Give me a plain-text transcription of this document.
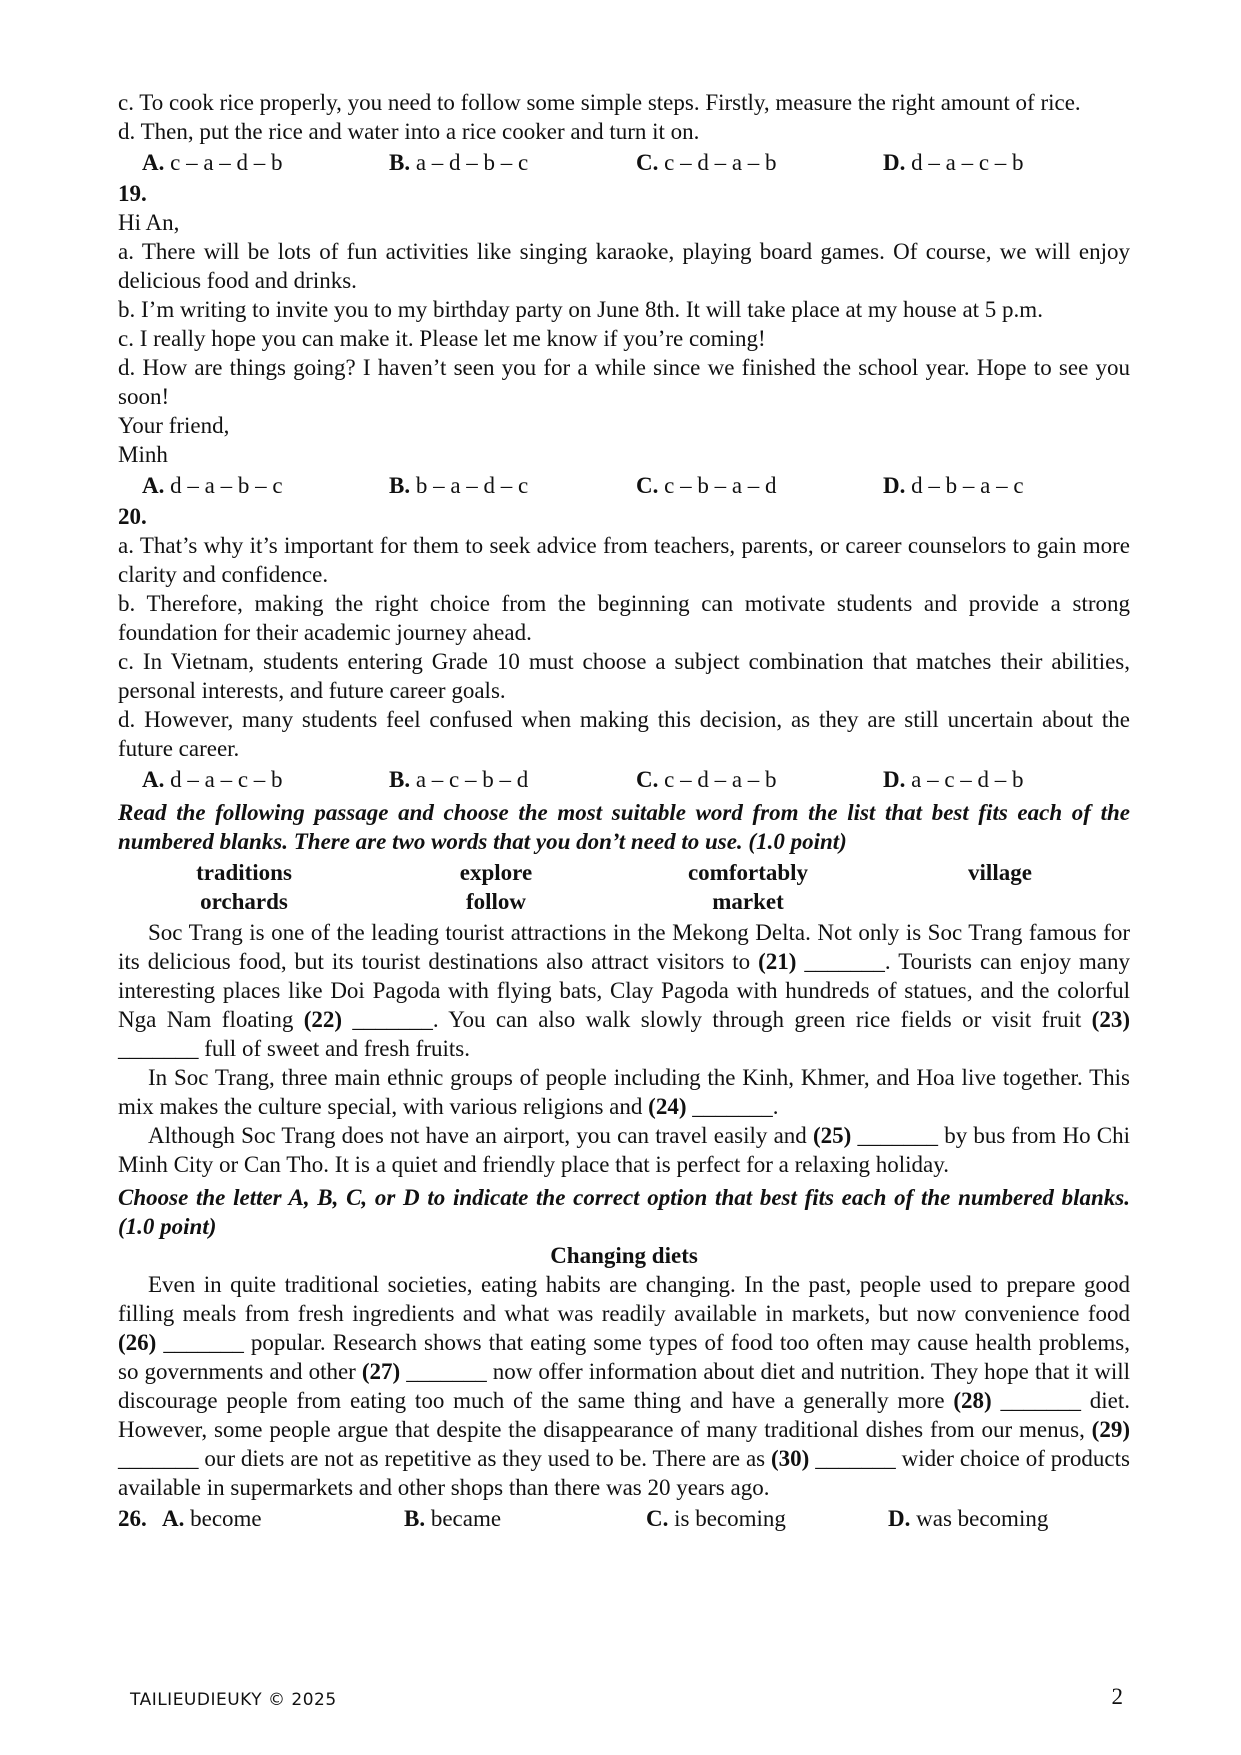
c. To cook rice properly, you need to follow some simple steps. Firstly, measure the right amount of rice.

d. Then, put the rice and water into a rice cooker and turn it on.

A. c – a – d – b	B. a – d – b – c	C. c – d – a – b	D. d – a – c – b

19.

Hi An,

a. There will be lots of fun activities like singing karaoke, playing board games. Of course, we will enjoy delicious food and drinks.

b. I’m writing to invite you to my birthday party on June 8th. It will take place at my house at 5 p.m.

c. I really hope you can make it. Please let me know if you’re coming!

d. How are things going? I haven’t seen you for a while since we finished the school year. Hope to see you soon!

Your friend,

Minh

A. d – a – b – c	B. b – a – d – c	C. c – b – a – d	D. d – b – a – c

20.

a. That’s why it’s important for them to seek advice from teachers, parents, or career counselors to gain more clarity and confidence.

b. Therefore, making the right choice from the beginning can motivate students and provide a strong foundation for their academic journey ahead.

c. In Vietnam, students entering Grade 10 must choose a subject combination that matches their abilities, personal interests, and future career goals.

d. However, many students feel confused when making this decision, as they are still uncertain about the future career.

A. d – a – c – b	B. a – c – b – d	C. c – d – a – b	D. a – c – d – b

Read the following passage and choose the most suitable word from the list that best fits each of the numbered blanks. There are two words that you don’t need to use. (1.0 point)

traditions	explore	comfortably	village
orchards	follow	market

Soc Trang is one of the leading tourist attractions in the Mekong Delta. Not only is Soc Trang famous for its delicious food, but its tourist destinations also attract visitors to (21) _______. Tourists can enjoy many interesting places like Doi Pagoda with flying bats, Clay Pagoda with hundreds of statues, and the colorful Nga Nam floating (22) _______. You can also walk slowly through green rice fields or visit fruit (23) _______ full of sweet and fresh fruits.

In Soc Trang, three main ethnic groups of people including the Kinh, Khmer, and Hoa live together. This mix makes the culture special, with various religions and (24) _______.

Although Soc Trang does not have an airport, you can travel easily and (25) _______ by bus from Ho Chi Minh City or Can Tho. It is a quiet and friendly place that is perfect for a relaxing holiday.

Choose the letter A, B, C, or D to indicate the correct option that best fits each of the numbered blanks. (1.0 point)

Changing diets

Even in quite traditional societies, eating habits are changing. In the past, people used to prepare good filling meals from fresh ingredients and what was readily available in markets, but now convenience food (26) _______ popular. Research shows that eating some types of food too often may cause health problems, so governments and other (27) _______ now offer information about diet and nutrition. They hope that it will discourage people from eating too much of the same thing and have a generally more (28) _______ diet. However, some people argue that despite the disappearance of many traditional dishes from our menus, (29) _______ our diets are not as repetitive as they used to be. There are as (30) _______ wider choice of products available in supermarkets and other shops than there was 20 years ago.

26. A. become	B. became	C. is becoming	D. was becoming
TAILIEUDIEUKY © 2025	2
